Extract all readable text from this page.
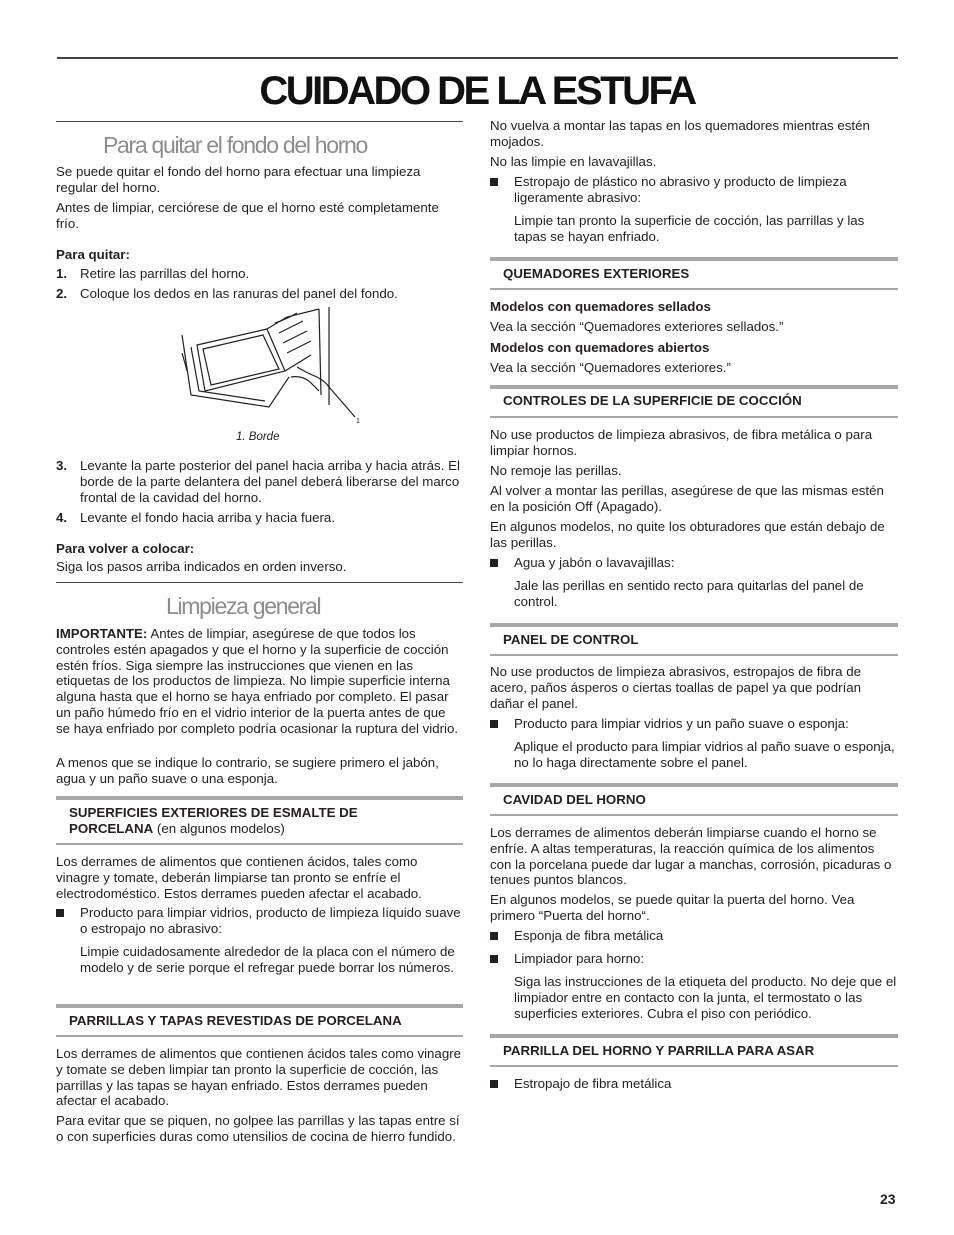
CUIDADO DE LA ESTUFA
Para quitar el fondo del horno

Se puede quitar el fondo del horno para efectuar una limpieza regular del horno.

Antes de limpiar, cerciórese de que el horno esté completamente frío.

Para quitar:
1. Retire las parrillas del horno.
2. Coloque los dedos en las ranuras del panel del fondo.
1
1. Borde
3. Levante la parte posterior del panel hacia arriba y hacia atrás. El borde de la parte delantera del panel deberá liberarse del marco frontal de la cavidad del horno.
4. Levante el fondo hacia arriba y hacia fuera.
Para volver a colocar:

Siga los pasos arriba indicados en orden inverso.

Limpieza general

IMPORTANTE: Antes de limpiar, asegúrese de que todos los controles estén apagados y que el horno y la superficie de cocción estén fríos. Siga siempre las instrucciones que vienen en las etiquetas de los productos de limpieza. No limpie superficie interna alguna hasta que el horno se haya enfriado por completo. El pasar un paño húmedo frío en el vidrio interior de la puerta antes de que se haya enfriado por completo podría ocasionar la ruptura del vidrio.

A menos que se indique lo contrario, se sugiere primero el jabón, agua y un paño suave o una esponja.

SUPERFICIES EXTERIORES DE ESMALTE DE PORCELANA (en algunos modelos)

Los derrames de alimentos que contienen ácidos, tales como vinagre y tomate, deberán limpiarse tan pronto se enfríe el electrodoméstico. Estos derrames pueden afectar el acabado.

Producto para limpiar vidrios, producto de limpieza líquido suave o estropajo no abrasivo:
Limpie cuidadosamente alrededor de la placa con el número de modelo y de serie porque el refregar puede borrar los números.
PARRILLAS Y TAPAS REVESTIDAS DE PORCELANA

Los derrames de alimentos que contienen ácidos tales como vinagre y tomate se deben limpiar tan pronto la superficie de cocción, las parrillas y las tapas se hayan enfriado. Estos derrames pueden afectar el acabado.

Para evitar que se piquen, no golpee las parrillas y las tapas entre sí o con superficies duras como utensilios de cocina de hierro fundido.

No vuelva a montar las tapas en los quemadores mientras estén mojados.

No las limpie en lavavajillas.

Estropajo de plástico no abrasivo y producto de limpieza ligeramente abrasivo:
Limpie tan pronto la superficie de cocción, las parrillas y las tapas se hayan enfriado.
QUEMADORES EXTERIORES
Modelos con quemadores sellados

Vea la sección “Quemadores exteriores sellados.”

Modelos con quemadores abiertos

Vea la sección “Quemadores exteriores.”

CONTROLES DE LA SUPERFICIE DE COCCIÓN

No use productos de limpieza abrasivos, de fibra metálica o para limpiar hornos.

No remoje las perillas.

Al volver a montar las perillas, asegúrese de que las mismas estén en la posición Off (Apagado).

En algunos modelos, no quite los obturadores que están debajo de las perillas.

Agua y jabón o lavavajillas:
Jale las perillas en sentido recto para quitarlas del panel de control.
PANEL DE CONTROL

No use productos de limpieza abrasivos, estropajos de fibra de acero, paños ásperos o ciertas toallas de papel ya que podrían dañar el panel.

Producto para limpiar vidrios y un paño suave o esponja:
Aplique el producto para limpiar vidrios al paño suave o esponja, no lo haga directamente sobre el panel.
CAVIDAD DEL HORNO

Los derrames de alimentos deberán limpiarse cuando el horno se enfríe. A altas temperaturas, la reacción química de los alimentos con la porcelana puede dar lugar a manchas, corrosión, picaduras o tenues puntos blancos.

En algunos modelos, se puede quitar la puerta del horno. Vea primero “Puerta del horno“.

Esponja de fibra metálica
Limpiador para horno:
Siga las instrucciones de la etiqueta del producto. No deje que el limpiador entre en contacto con la junta, el termostato o las superficies exteriores. Cubra el piso con periódico.
PARRILLA DEL HORNO Y PARRILLA PARA ASAR
Estropajo de fibra metálica
23
